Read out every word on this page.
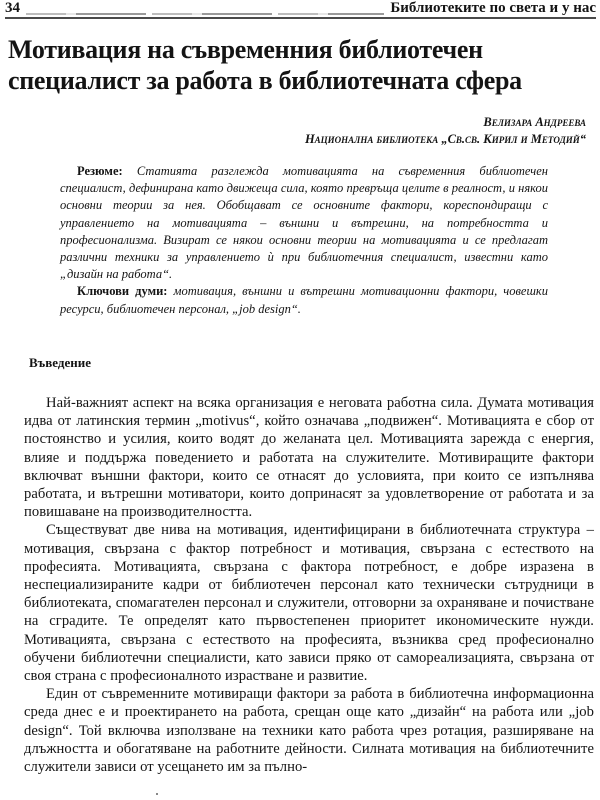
34	Библиотеките по света и у нас
Мотивация на съвременния библиотечен специалист за работа в библиотечната сфера
Велизара Андреева
Национална библиотека „Св.св. Кирил и Методий“

Резюме: Статията разглежда мотивацията на съвременния библиотечен специалист, дефинирана като движеща сила, която превръща целите в реалност, и някои основни теории за нея. Обобщават се основните фактори, кореспондиращи с управлението на мотивацията – външни и вътрешни, на потребността и професионализма. Визират се някои основни теории на мотивацията и се предлагат различни техники за управлението ѝ при библиотечния специалист, известни като „дизайн на работа“.

Ключови думи: мотивация, външни и вътрешни мотивационни фактори, човешки ресурси, библиотечен персонал, „job design“.

Въведение

Най-важният аспект на всяка организация е неговата работна сила. Думата мотивация идва от латинския термин „motivus“, който означава „подвижен“. Мотивацията е сбор от постоянство и усилия, които водят до желаната цел. Мотивацията зарежда с енергия, влияе и поддържа поведението и работата на служителите. Мотивиращите фактори включват външни фактори, които се отнасят до условията, при които се изпълнява работата, и вътрешни мотиватори, които допринасят за удовлетворение от работата и за повишаване на производителността.

Съществуват две нива на мотивация, идентифицирани в библиотечната структура – мотивация, свързана с фактор потребност и мотивация, свързана с естеството на професията. Мотивацията, свързана с фактора потребност, е добре изразена в неспециализираните кадри от библиотечен персонал като технически сътрудници в библиотеката, спомагателен персонал и служители, отговорни за охраняване и почистване на сградите. Те определят като първостепенен приоритет икономическите нужди. Мотивацията, свързана с естеството на професията, възниква сред професионално обучени библиотечни специалисти, като зависи пряко от самореализацията, свързана от своя страна с професионалното израстване и развитие.

Един от съвременните мотивиращи фактори за работа в библиотечна информационна среда днес е и проектирането на работа, срещан още като „дизайн“ на работа или „job design“. Той включва използване на техники като работа чрез ротация, разширяване на длъжността и обогатяване на работните дейности. Силната мотивация на библиотечните служители зависи от усещането им за пълно-
